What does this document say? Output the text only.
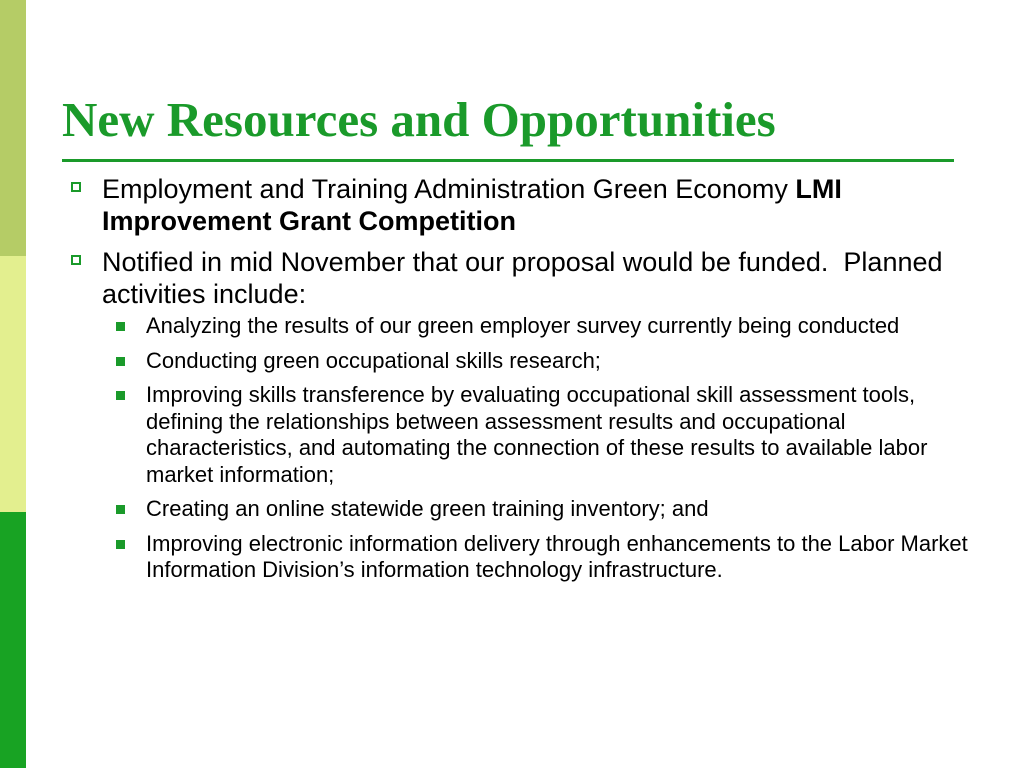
New Resources and Opportunities
Employment and Training Administration Green Economy LMI Improvement Grant Competition
Notified in mid November that our proposal would be funded.  Planned activities include:
Analyzing the results of our green employer survey currently being conducted
Conducting green occupational skills research;
Improving skills transference by evaluating occupational skill assessment tools, defining the relationships between assessment results and occupational characteristics, and automating the connection of these results to available labor market information;
Creating an online statewide green training inventory; and
Improving electronic information delivery through enhancements to the Labor Market Information Division’s information technology infrastructure.
